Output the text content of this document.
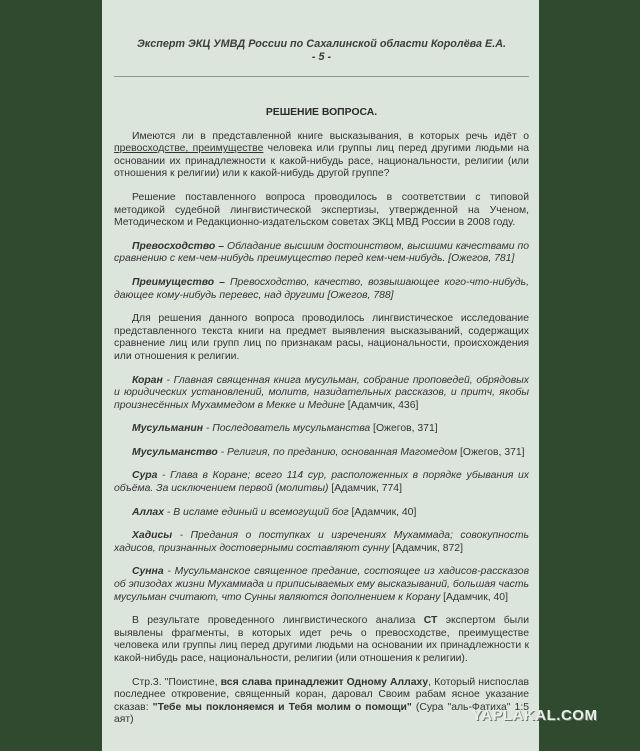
Эксперт ЭКЦ УМВД России по Сахалинской области Королёва Е.А.
- 5 -
РЕШЕНИЕ ВОПРОСА.

Имеются ли в представленной книге высказывания, в которых речь идёт о превосходстве, преимуществе человека или группы лиц перед другими людьми на основании их принадлежности к какой-нибудь расе, национальности, религии (или отношения к религии) или к какой-нибудь другой группе?

Решение поставленного вопроса проводилось в соответствии с типовой методикой судебной лингвистической экспертизы, утвержденной на Ученом, Методическом и Редакционно-издательском советах ЭКЦ МВД России в 2008 году.

Превосходство – Обладание высшим достоинством, высшими качествами по сравнению с кем-чем-нибудь преимущество перед кем-чем-нибудь. [Ожегов, 781]

Преимущество – Превосходство, качество, возвышающее кого-что-нибудь, дающее кому-нибудь перевес, над другими [Ожегов, 788]

Для решения данного вопроса проводилось лингвистическое исследование представленного текста книги на предмет выявления высказываний, содержащих сравнение лиц или групп лиц по признакам расы, национальности, происхождения или отношения к религии.

Коран - Главная священная книга мусульман, собрание проповедей, обрядовых и юридических установлений, молитв, назидательных рассказов, и притч, якобы произнесённых Мухаммедом в Мекке и Медине [Адамчик, 436]

Мусульманин - Последователь мусульманства [Ожегов, 371]

Мусульманство - Религия, по преданию, основанная Магомедом [Ожегов, 371]

Сура - Глава в Коране; всего 114 сур, расположенных в порядке убывания их объёма. За исключением первой (молитвы) [Адамчик, 774]

Аллах - В исламе единый и всемогущий бог [Адамчик, 40]

Хадисы - Предания о поступках и изречениях Мухаммада; совокупность хадисов, признанных достоверными составляют сунну [Адамчик, 872]

Сунна - Мусульманское священное предание, состоящее из хадисов-рассказов об эпизодах жизни Мухаммада и приписываемых ему высказываний, большая часть мусульман считают, что Сунны являются дополнением к Корану [Адамчик, 40]

В результате проведенного лингвистического анализа СТ экспертом были выявлены фрагменты, в которых идет речь о превосходстве, преимуществе человека или группы лиц перед другими людьми на основании их принадлежности к какой-нибудь расе, национальности, религии (или отношения к религии).

Стр.3. "Поистине, вся слава принадлежит Одному Аллаху, Который ниспослав последнее откровение, священный коран, даровал Своим рабам ясное указание сказав: "Тебе мы поклоняемся и Тебя молим о помощи" (Сура "аль-Фатиха" 1:5 аят)	YAPLAKAL.COM
